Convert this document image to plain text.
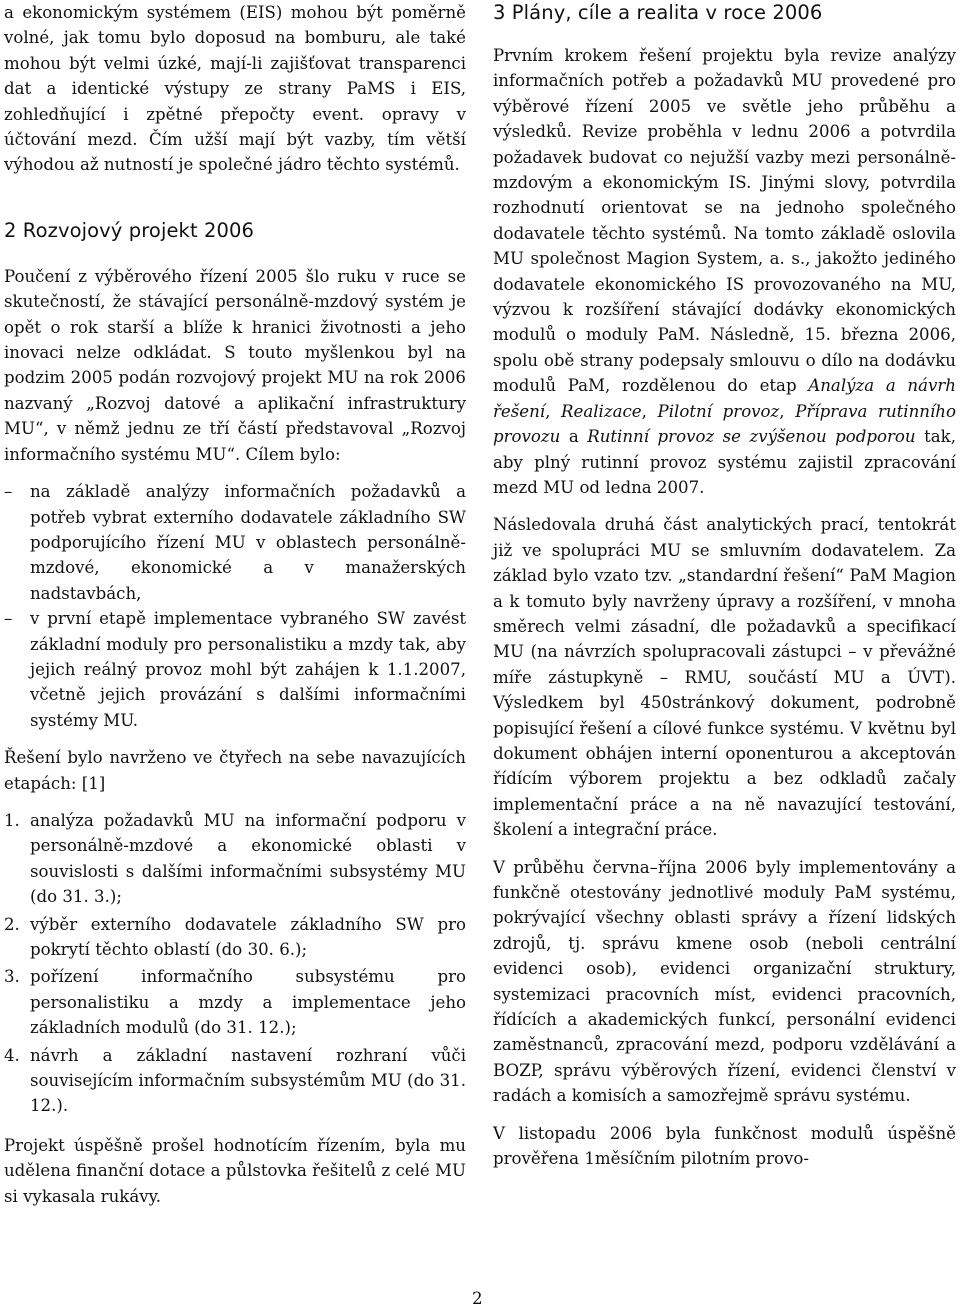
a ekonomickým systémem (EIS) mohou být poměrně volné, jak tomu bylo doposud na bomburu, ale také mohou být velmi úzké, mají-li zajišťovat transparenci dat a identické výstupy ze strany PaMS i EIS, zohledňující i zpětné přepočty event. opravy v účtování mezd. Čím užší mají být vazby, tím větší výhodou až nutností je společné jádro těchto systémů.

2 Rozvojový projekt 2006

Poučení z výběrového řízení 2005 šlo ruku v ruce se skutečností, že stávající personálně-mzdový systém je opět o rok starší a blíže k hranici životnosti a jeho inovaci nelze odkládat. S touto myšlenkou byl na podzim 2005 podán rozvojový projekt MU na rok 2006 nazvaný „Rozvoj datové a aplikační infrastruktury MU“, v němž jednu ze tří částí představoval „Rozvoj informačního systému MU“. Cílem bylo:

– na základě analýzy informačních požadavků a potřeb vybrat externího dodavatele základního SW podporujícího řízení MU v oblastech personálně-mzdové, ekonomické a v manažerských nadstavbách,
– v první etapě implementace vybraného SW zavést základní moduly pro personalistiku a mzdy tak, aby jejich reálný provoz mohl být zahájen k 1.1.2007, včetně jejich provázání s dalšími informačními systémy MU.

Řešení bylo navrženo ve čtyřech na sebe navazujících etapách: [1]

1. analýza požadavků MU na informační podporu v personálně-mzdové a ekonomické oblasti v souvislosti s dalšími informačními subsystémy MU (do 31. 3.);
2. výběr externího dodavatele základního SW pro pokrytí těchto oblastí (do 30. 6.);
3. pořízení informačního subsystému pro personalistiku a mzdy a implementace jeho základních modulů (do 31. 12.);
4. návrh a základní nastavení rozhraní vůči souvisejícím informačním subsystémům MU (do 31. 12.).

Projekt úspěšně prošel hodnotícím řízením, byla mu udělena finanční dotace a půlstovka řešitelů z celé MU si vykasala rukávy.

3 Plány, cíle a realita v roce 2006

Prvním krokem řešení projektu byla revize analýzy informačních potřeb a požadavků MU provedené pro výběrové řízení 2005 ve světle jeho průběhu a výsledků. Revize proběhla v lednu 2006 a potvrdila požadavek budovat co nejužší vazby mezi personálně-mzdovým a ekonomickým IS. Jinými slovy, potvrdila rozhodnutí orientovat se na jednoho společného dodavatele těchto systémů. Na tomto základě oslovila MU společnost Magion System, a. s., jakožto jediného dodavatele ekonomického IS provozovaného na MU, výzvou k rozšíření stávající dodávky ekonomických modulů o moduly PaM. Následně, 15. března 2006, spolu obě strany podepsaly smlouvu o dílo na dodávku modulů PaM, rozdělenou do etap Analýza a návrh řešení, Realizace, Pilotní provoz, Příprava rutinního provozu a Rutinní provoz se zvýšenou podporou tak, aby plný rutinní provoz systému zajistil zpracování mezd MU od ledna 2007.

Následovala druhá část analytických prací, tentokrát již ve spolupráci MU se smluvním dodavatelem. Za základ bylo vzato tzv. „standardní řešení“ PaM Magion a k tomuto byly navrženy úpravy a rozšíření, v mnoha směrech velmi zásadní, dle požadavků a specifikací MU (na návrzích spolupracovali zástupci – v převážné míře zástupkyně – RMU, součástí MU a ÚVT). Výsledkem byl 450stránkový dokument, podrobně popisující řešení a cílové funkce systému. V květnu byl dokument obhájen interní oponenturou a akceptován řídícím výborem projektu a bez odkladů začaly implementační práce a na ně navazující testování, školení a integrační práce.

V průběhu června–října 2006 byly implementovány a funkčně otestovány jednotlivé moduly PaM systému, pokrývající všechny oblasti správy a řízení lidských zdrojů, tj. správu kmene osob (neboli centrální evidenci osob), evidenci organizační struktury, systemizaci pracovních míst, evidenci pracovních, řídících a akademických funkcí, personální evidenci zaměstnanců, zpracování mezd, podporu vzdělávání a BOZP, správu výběrových řízení, evidenci členství v radách a komisích a samozřejmě správu systému.

V listopadu 2006 byla funkčnost modulů úspěšně prověřena 1měsíčním pilotním provo-

2
